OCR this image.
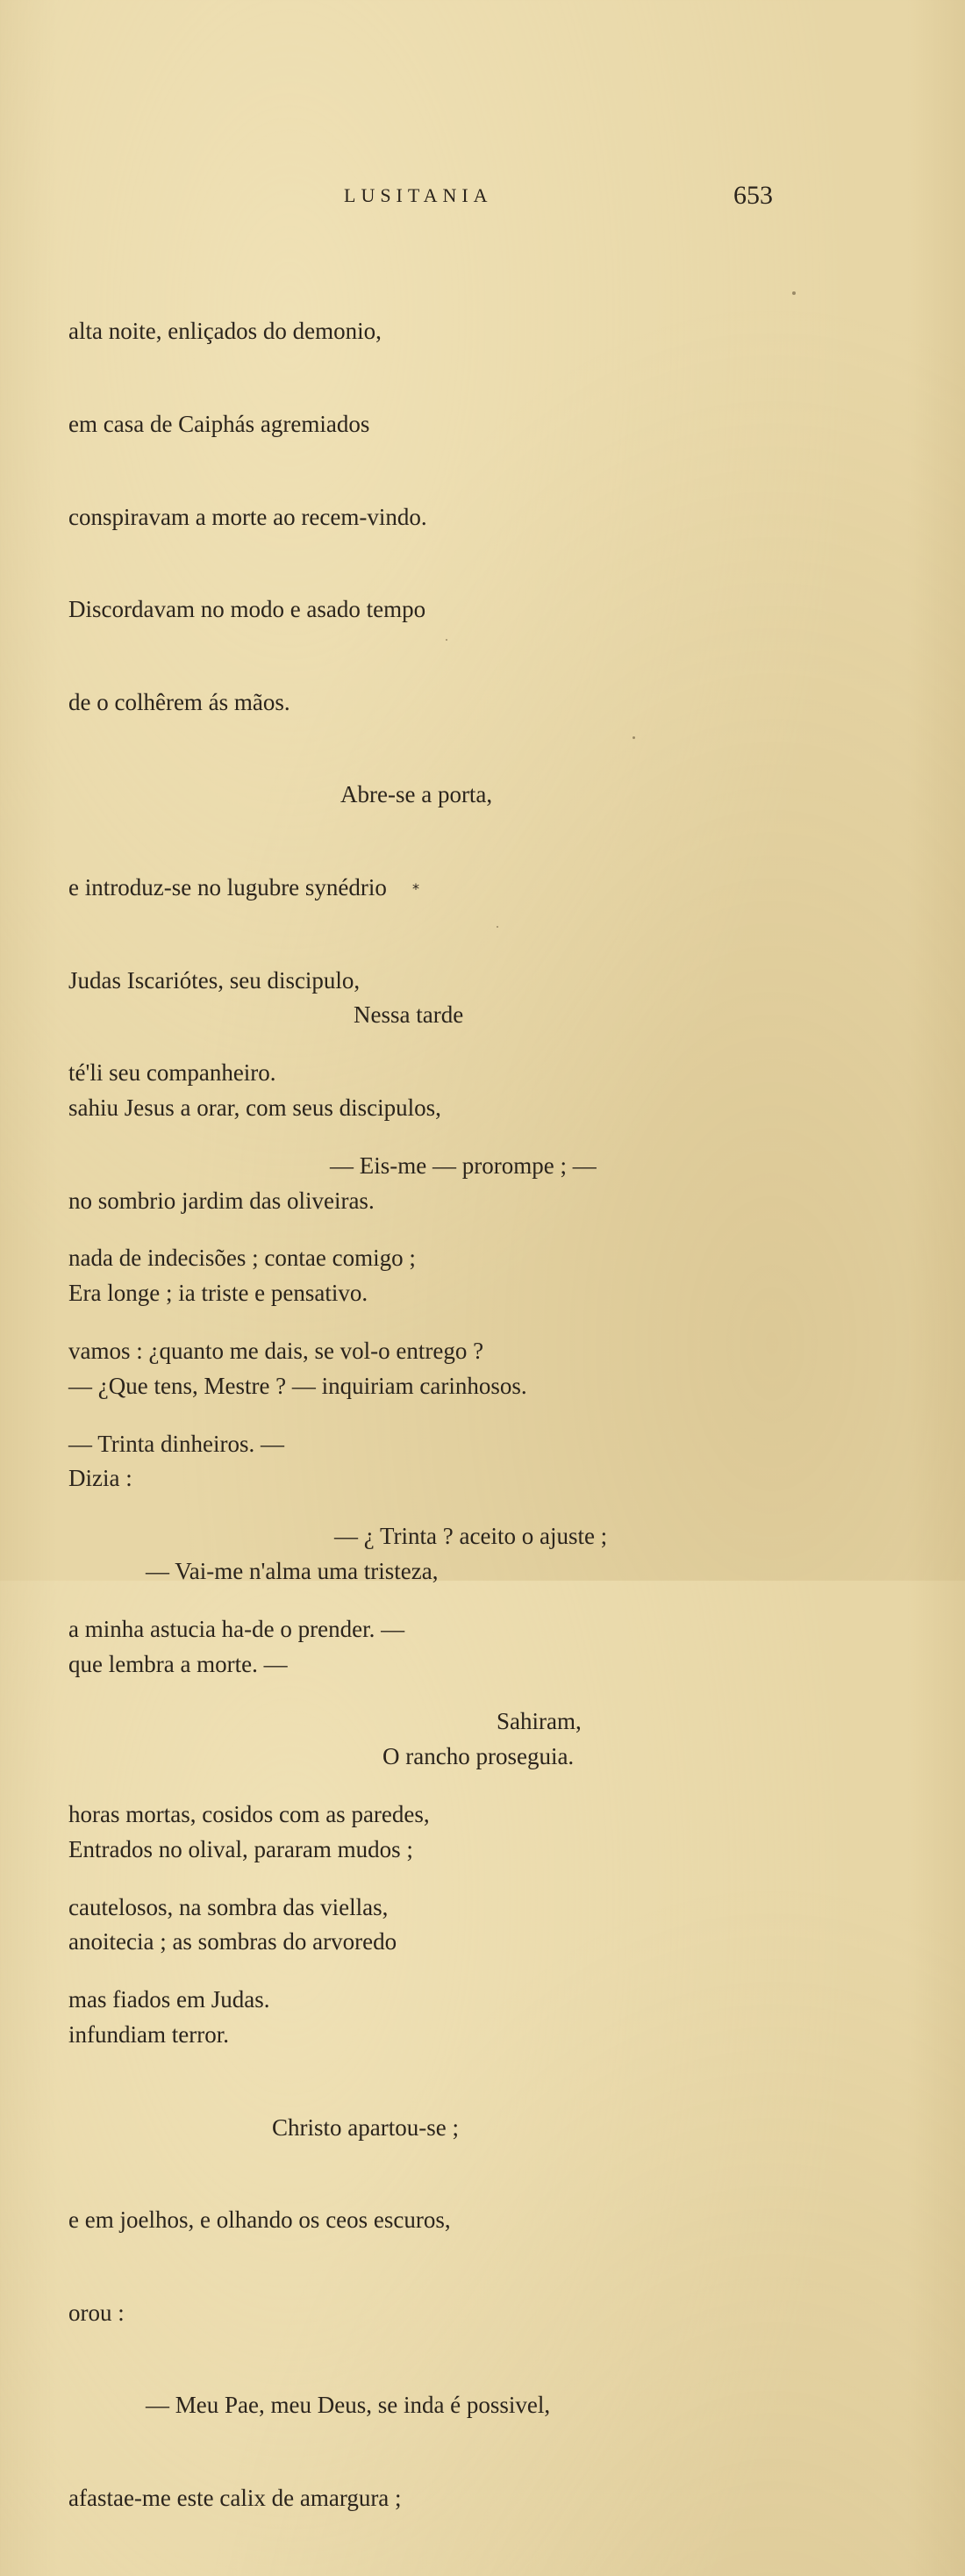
LUSITANIA	653

alta noite, enliçados do demonio,

em casa de Caiphás agremiados

conspiravam a morte ao recem-vindo.

Discordavam no modo e asado tempo

de o colhêrem ás mãos.

Abre-se a porta,

e introduz-se no lugubre synédrio

Judas Iscariótes, seu discipulo,

té'li seu companheiro.

— Eis-me — prorompe ; —

nada de indecisões ; contae comigo ;

vamos : ¿quanto me dais, se vol-o entrego ?

— Trinta dinheiros. —

— ¿ Trinta ? aceito o ajuste ;

a minha astucia ha-de o prender. —

Sahiram,

horas mortas, cosidos com as paredes,

cautelosos, na sombra das viellas,

mas fiados em Judas.

*

Nessa tarde

sahiu Jesus a orar, com seus discipulos,

no sombrio jardim das oliveiras.

Era longe ; ia triste e pensativo.

— ¿Que tens, Mestre ? — inquiriam carinhosos.

Dizia :

— Vai-me n'alma uma tristeza,

que lembra a morte. —

O rancho proseguia.

Entrados no olival, pararam mudos ;

anoitecia ; as sombras do arvoredo

infundiam terror.

Christo apartou-se ;

e em joelhos, e olhando os ceos escuros,

orou :

— Meu Pae, meu Deus, se inda é possivel,

afastae-me este calix de amargura ;
